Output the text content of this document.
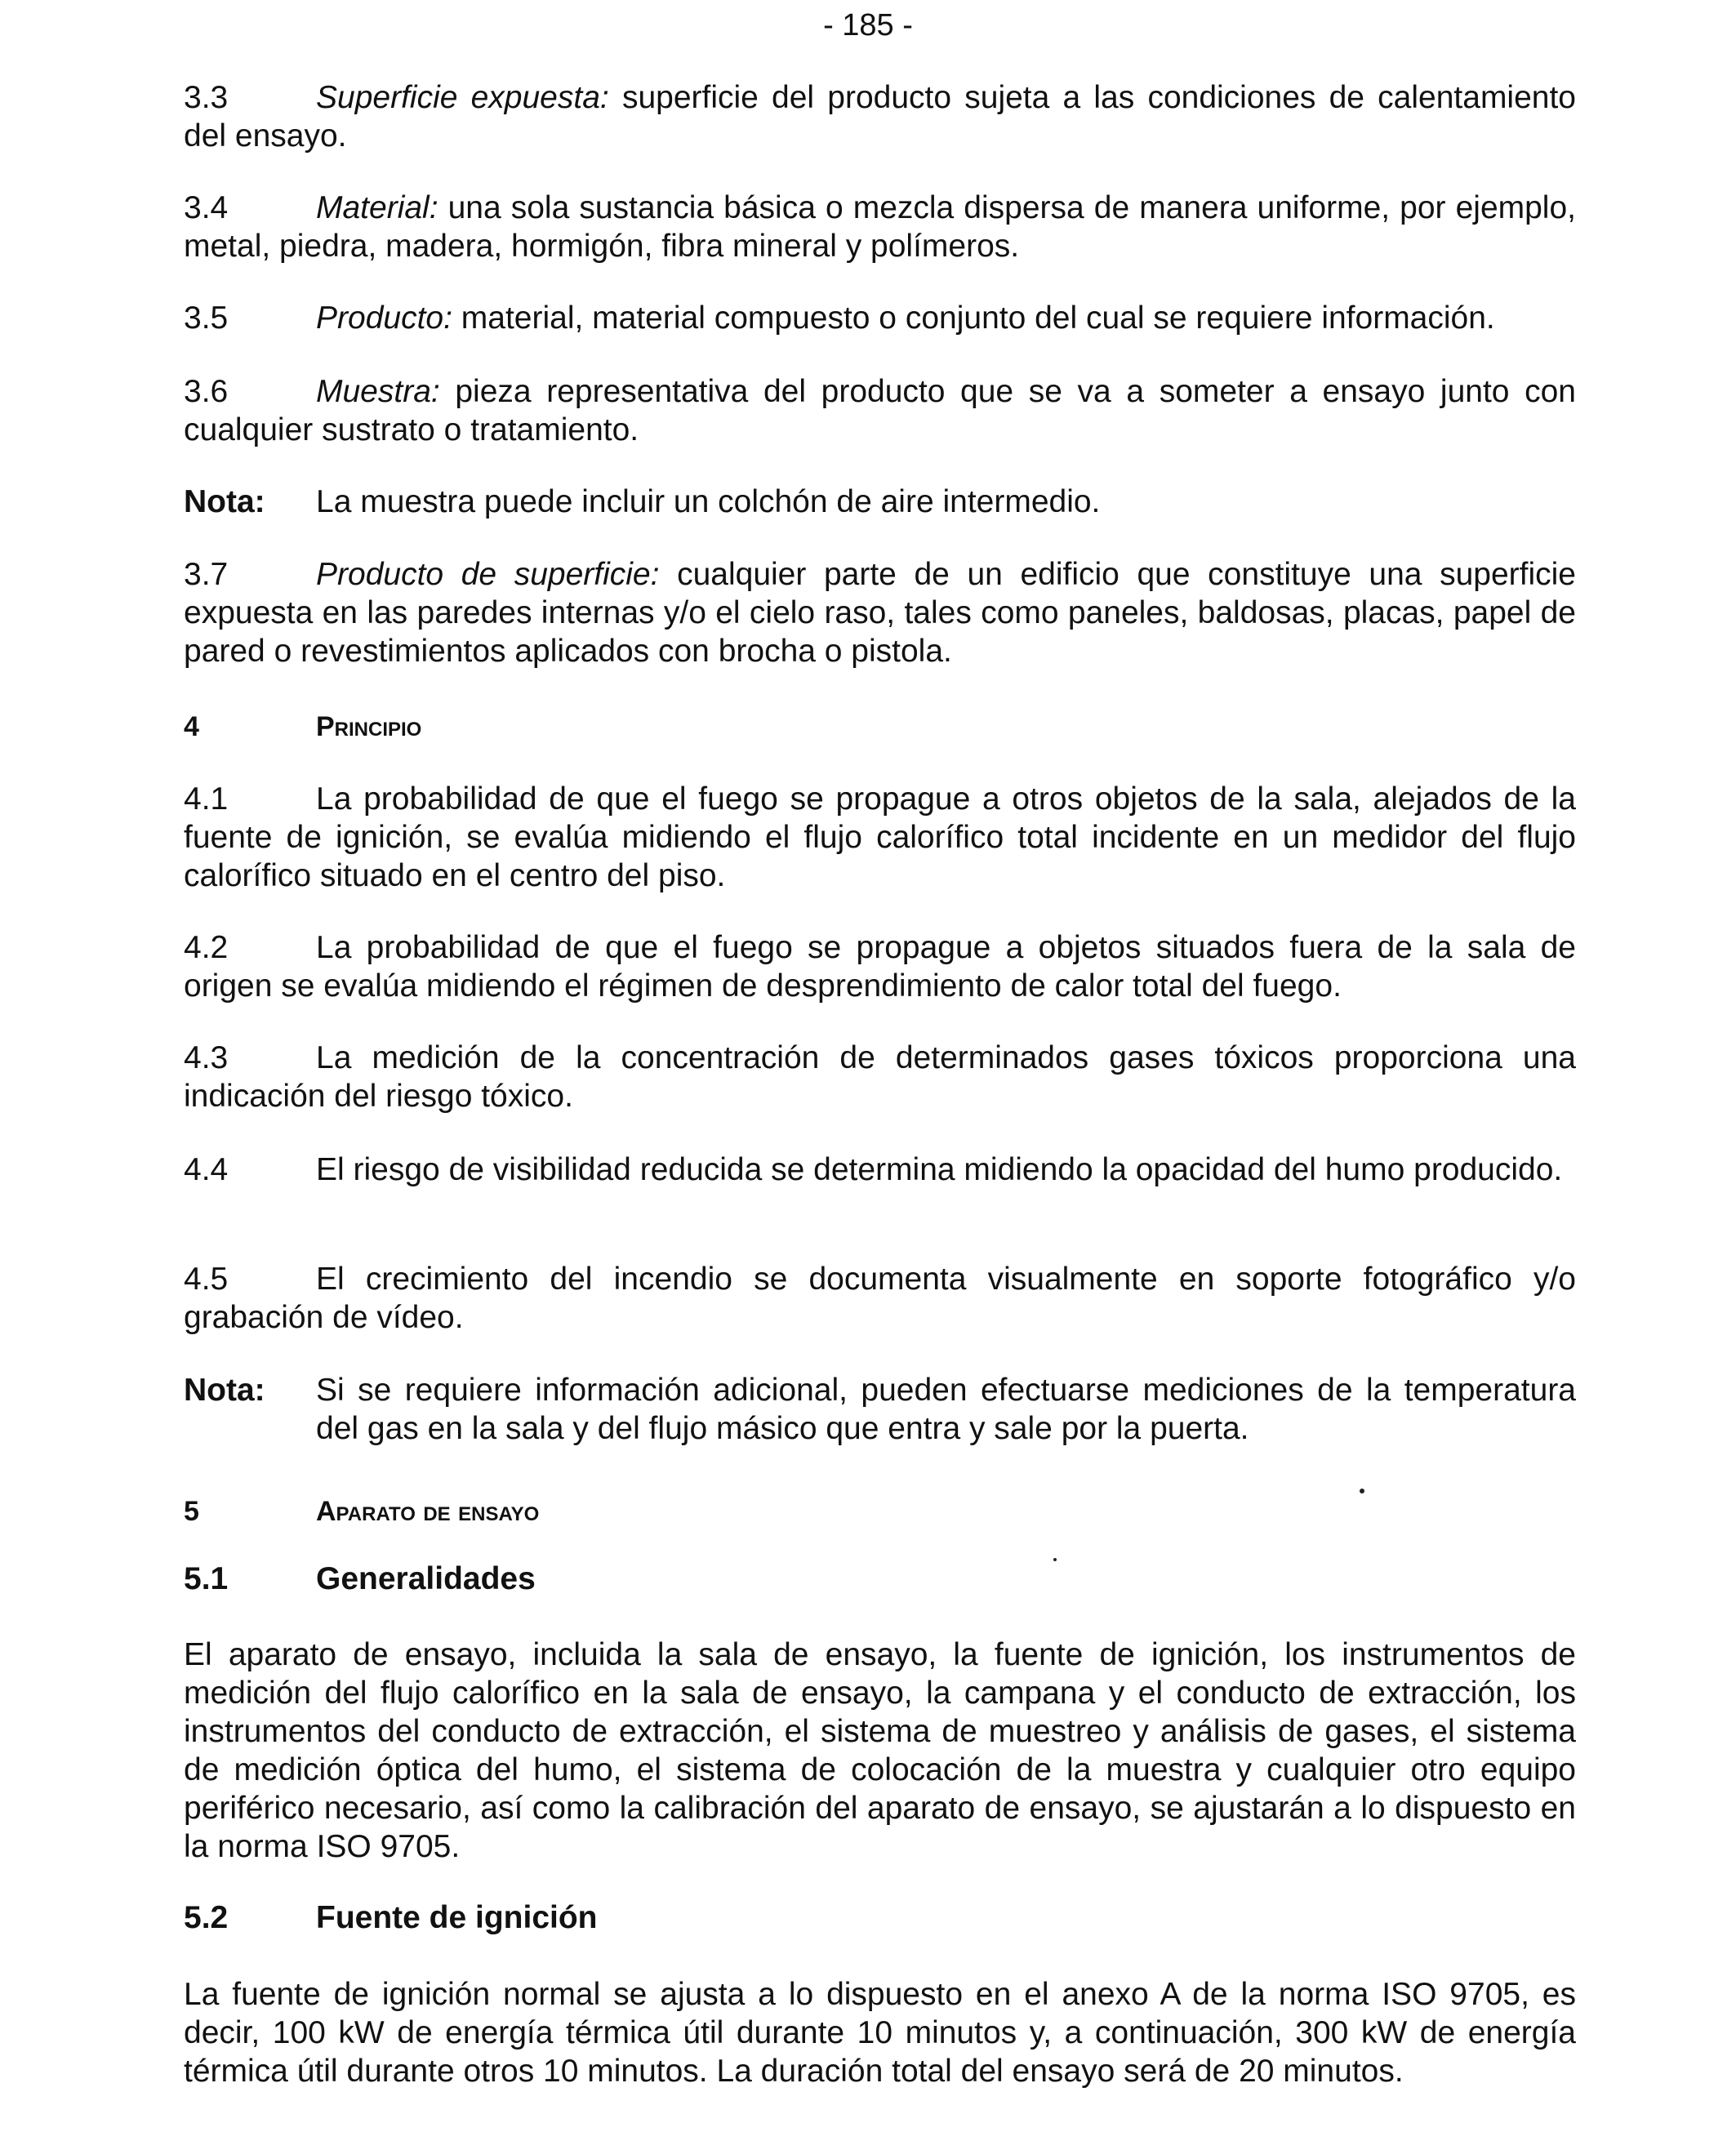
- 185 -
3.3	Superficie expuesta: superficie del producto sujeta a las condiciones de calentamiento del ensayo.
3.4	Material: una sola sustancia básica o mezcla dispersa de manera uniforme, por ejemplo, metal, piedra, madera, hormigón, fibra mineral y polímeros.
3.5	Producto: material, material compuesto o conjunto del cual se requiere información.
3.6	Muestra: pieza representativa del producto que se va a someter a ensayo junto con cualquier sustrato o tratamiento.
Nota:	La muestra puede incluir un colchón de aire intermedio.
3.7	Producto de superficie: cualquier parte de un edificio que constituye una superficie expuesta en las paredes internas y/o el cielo raso, tales como paneles, baldosas, placas, papel de pared o revestimientos aplicados con brocha o pistola.
4	Principio
4.1	La probabilidad de que el fuego se propague a otros objetos de la sala, alejados de la fuente de ignición, se evalúa midiendo el flujo calorífico total incidente en un medidor del flujo calorífico situado en el centro del piso.
4.2	La probabilidad de que el fuego se propague a objetos situados fuera de la sala de origen se evalúa midiendo el régimen de desprendimiento de calor total del fuego.
4.3	La medición de la concentración de determinados gases tóxicos proporciona una indicación del riesgo tóxico.
4.4	El riesgo de visibilidad reducida se determina midiendo la opacidad del humo producido.
4.5	El crecimiento del incendio se documenta visualmente en soporte fotográfico y/o grabación de vídeo.
Nota:	Si se requiere información adicional, pueden efectuarse mediciones de la temperatura del gas en la sala y del flujo másico que entra y sale por la puerta.
5	Aparato de ensayo
5.1	Generalidades
El aparato de ensayo, incluida la sala de ensayo, la fuente de ignición, los instrumentos de medición del flujo calorífico en la sala de ensayo, la campana y el conducto de extracción, los instrumentos del conducto de extracción, el sistema de muestreo y análisis de gases, el sistema de medición óptica del humo, el sistema de colocación de la muestra y cualquier otro equipo periférico necesario, así como la calibración del aparato de ensayo, se ajustarán a lo dispuesto en la norma ISO 9705.
5.2	Fuente de ignición
La fuente de ignición normal se ajusta a lo dispuesto en el anexo A de la norma ISO 9705, es decir, 100 kW de energía térmica útil durante 10 minutos y, a continuación, 300 kW de energía térmica útil durante otros 10 minutos. La duración total del ensayo será de 20 minutos.
